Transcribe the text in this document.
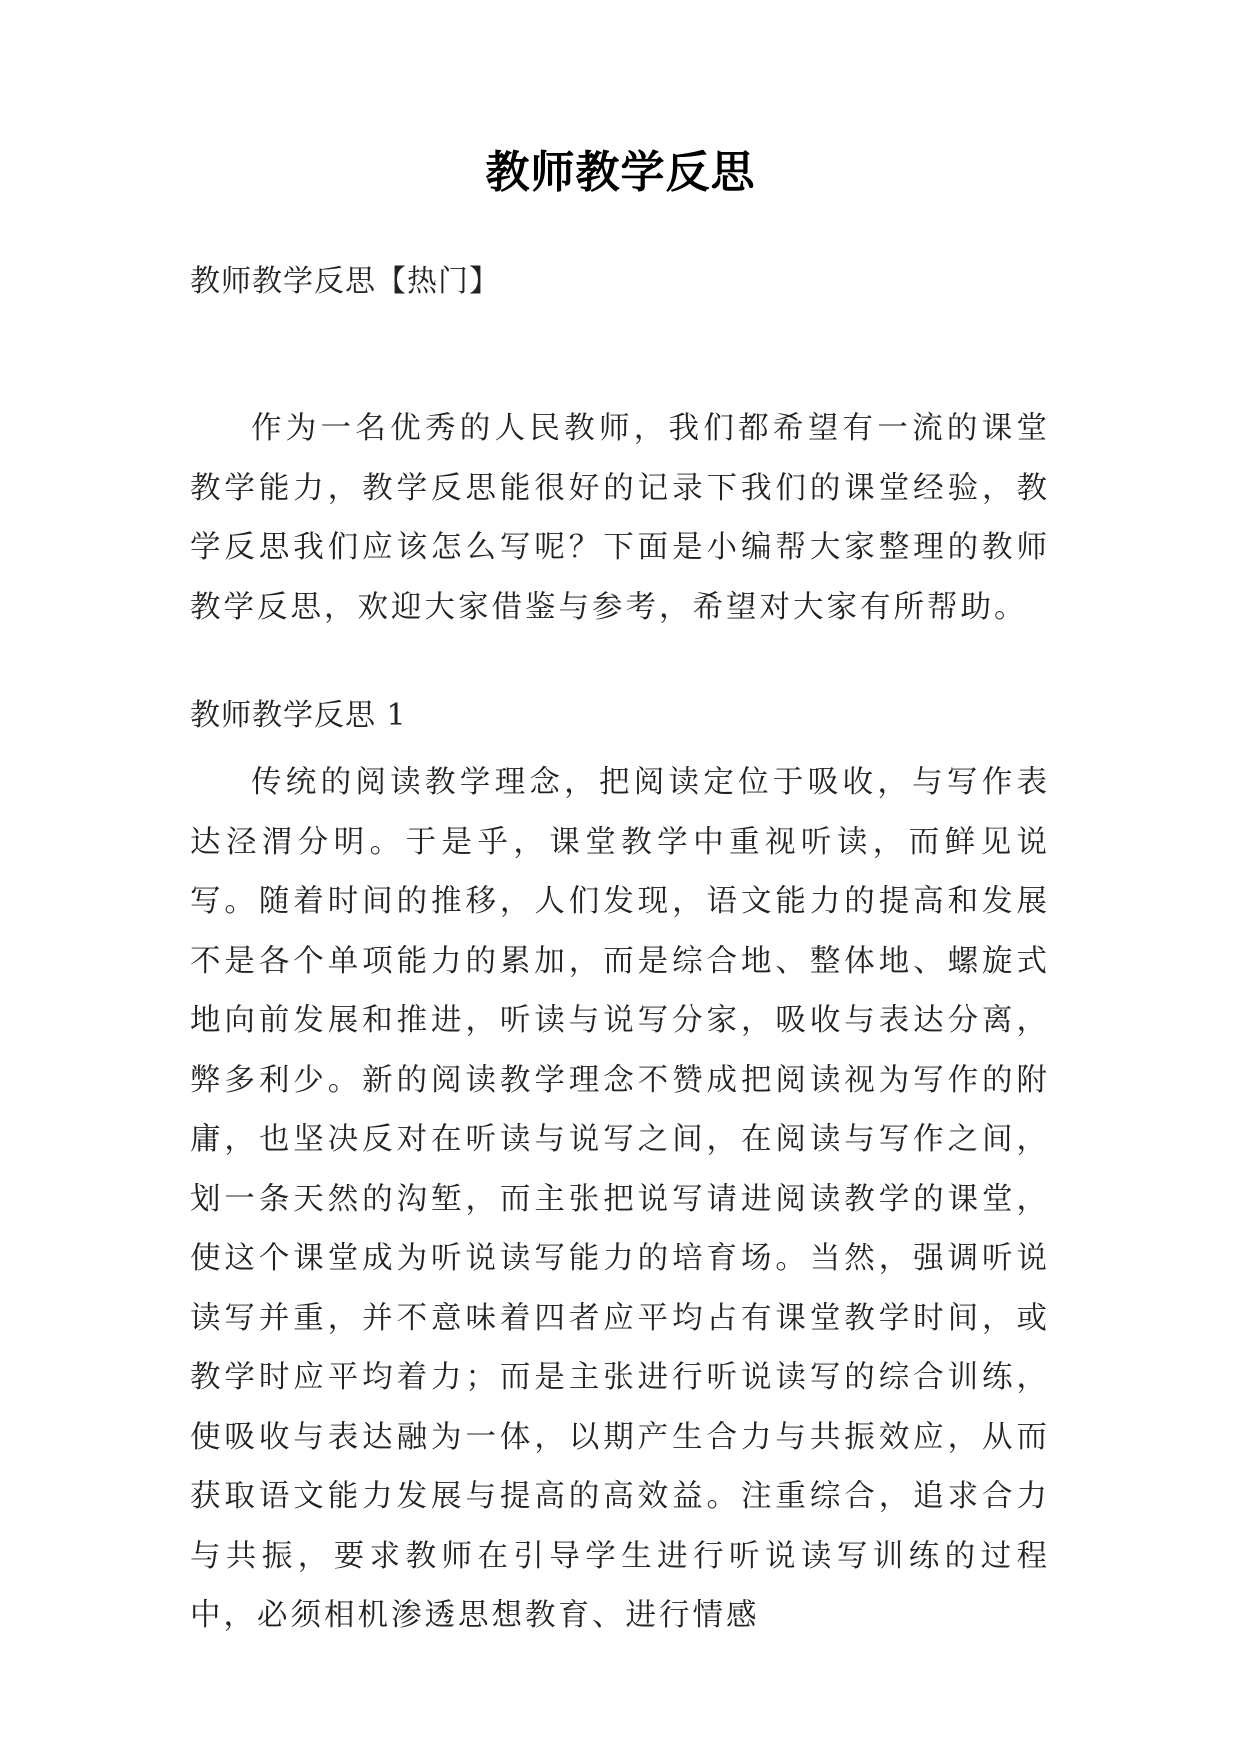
教师教学反思
教师教学反思【热门】

作为一名优秀的人民教师，我们都希望有一流的课堂教学能力，教学反思能很好的记录下我们的课堂经验，教学反思我们应该怎么写呢？下面是小编帮大家整理的教师教学反思，欢迎大家借鉴与参考，希望对大家有所帮助。

教师教学反思 1

传统的阅读教学理念，把阅读定位于吸收，与写作表达泾渭分明。于是乎，课堂教学中重视听读，而鲜见说写。随着时间的推移，人们发现，语文能力的提高和发展不是各个单项能力的累加，而是综合地、整体地、螺旋式地向前发展和推进，听读与说写分家，吸收与表达分离，弊多利少。新的阅读教学理念不赞成把阅读视为写作的附庸，也坚决反对在听读与说写之间，在阅读与写作之间，划一条天然的沟堑，而主张把说写请进阅读教学的课堂，使这个课堂成为听说读写能力的培育场。当然，强调听说读写并重，并不意味着四者应平均占有课堂教学时间，或教学时应平均着力；而是主张进行听说读写的综合训练，使吸收与表达融为一体，以期产生合力与共振效应，从而获取语文能力发展与提高的高效益。注重综合，追求合力与共振，要求教师在引导学生进行听说读写训练的过程中，必须相机渗透思想教育、进行情感
